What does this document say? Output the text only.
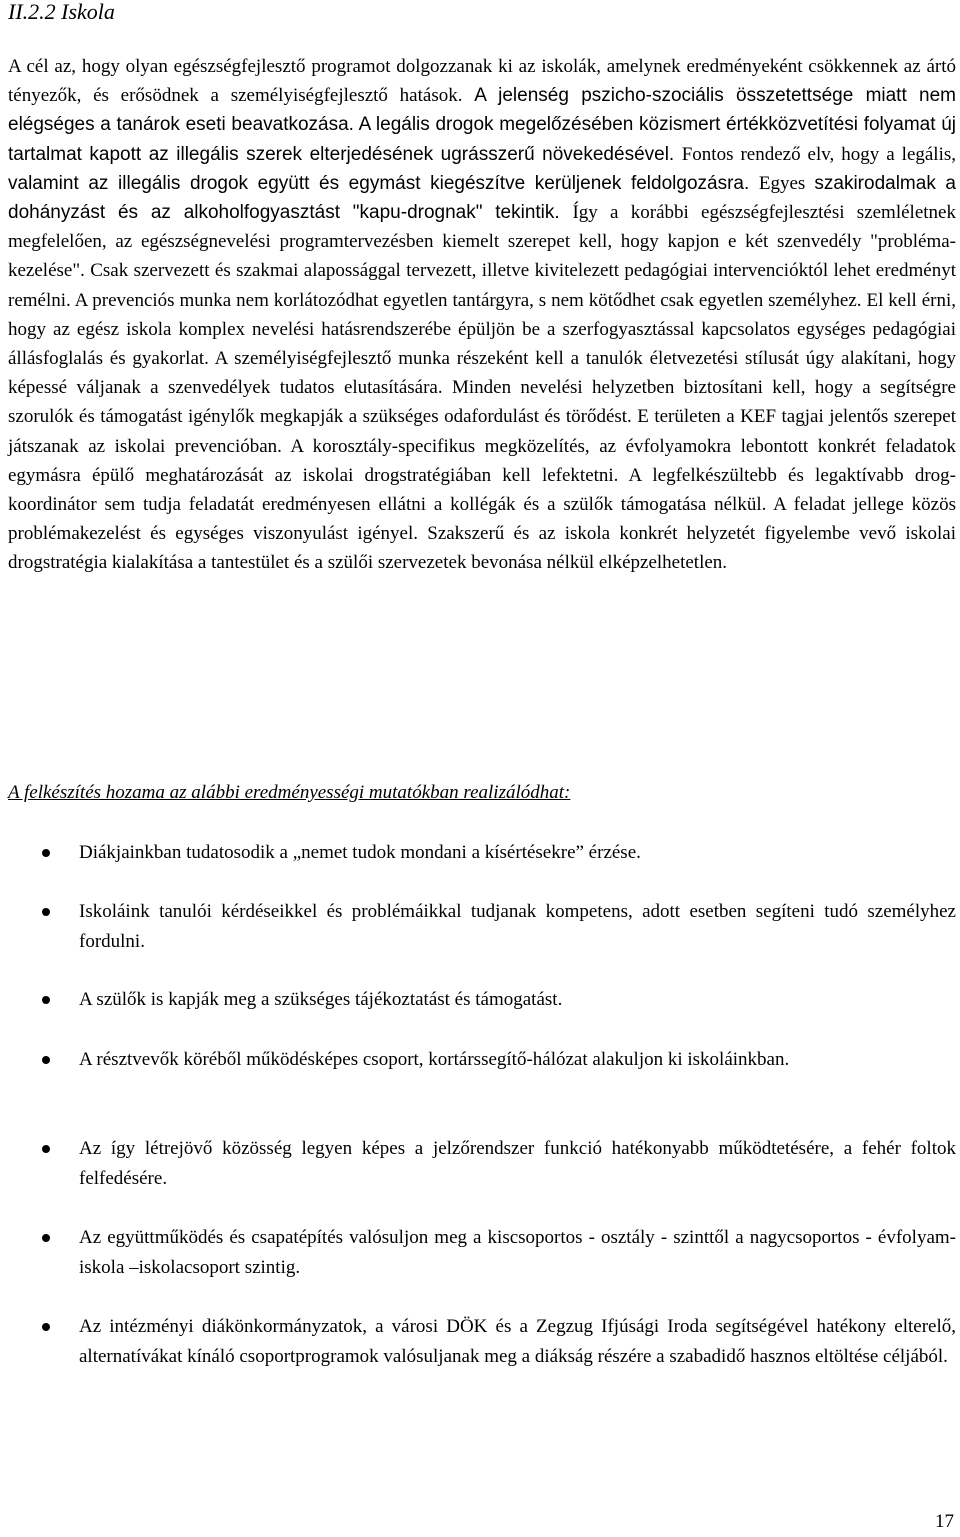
II.2.2 Iskola
A cél az, hogy olyan egészségfejlesztő programot dolgozzanak ki az iskolák, amelynek eredményeként csökkennek az ártó tényezők, és erősödnek a személyiségfejlesztő hatások. A jelenség pszicho-szociális összetettsége miatt nem elégséges a tanárok eseti beavatkozása. A legális drogok megelőzésében közismert értékközvetítési folyamat új tartalmat kapott az illegális szerek elterjedésének ugrásszerű növekedésével. Fontos rendező elv, hogy a legális, valamint az illegális drogok együtt és egymást kiegészítve kerüljenek feldolgozásra. Egyes szakirodalmak a dohányzást és az alkoholfogyasztást "kapu-drognak" tekintik. Így a korábbi egészségfejlesztési szemléletnek megfelelően, az egészségnevelési programtervezésben kiemelt szerepet kell, hogy kapjon e két szenvedély "probléma-kezelése". Csak szervezett és szakmai alapossággal tervezett, illetve kivitelezett pedagógiai intervencióktól lehet eredményt remélni. A prevenciós munka nem korlátozódhat egyetlen tantárgyra, s nem kötődhet csak egyetlen személyhez. El kell érni, hogy az egész iskola komplex nevelési hatásrendszerébe épüljön be a szerfogyasztással kapcsolatos egységes pedagógiai állásfoglalás és gyakorlat. A személyiségfejlesztő munka részeként kell a tanulók életvezetési stílusát úgy alakítani, hogy képessé váljanak a szenvedélyek tudatos elutasítására. Minden nevelési helyzetben biztosítani kell, hogy a segítségre szorulók és támogatást igénylők megkapják a szükséges odafordulást és törődést. E területen a KEF tagjai jelentős szerepet játszanak az iskolai prevencióban. A korosztály-specifikus megközelítés, az évfolyamokra lebontott konkrét feladatok egymásra épülő meghatározását az iskolai drogstratégiában kell lefektetni. A legfelkészültebb és legaktívabb drog-koordinátor sem tudja feladatát eredményesen ellátni a kollégák és a szülők támogatása nélkül. A feladat jellege közös problémakezelést és egységes viszonyulást igényel. Szakszerű és az iskola konkrét helyzetét figyelembe vevő iskolai drogstratégia kialakítása a tantestület és a szülői szervezetek bevonása nélkül elképzelhetetlen.
A felkészítés hozama az alábbi eredményességi mutatókban realizálódhat:
Diákjainkban tudatosodik a „nemet tudok mondani a kísértésekre” érzése.
Iskoláink tanulói kérdéseikkel és problémáikkal tudjanak kompetens, adott esetben segíteni tudó személyhez fordulni.
A szülők is kapják meg a szükséges tájékoztatást és támogatást.
A résztvevők köréből működésképes csoport, kortárssegítő-hálózat alakuljon ki iskoláinkban.
Az így létrejövő közösség legyen képes a jelzőrendszer funkció hatékonyabb működtetésére, a fehér foltok felfedésére.
Az együttműködés és csapatépítés valósuljon meg a kiscsoportos - osztály - szinttől a nagycsoportos - évfolyam- iskola –iskolacsoport szintig.
Az intézményi diákönkormányzatok, a városi DÖK és a Zegzug Ifjúsági Iroda segítségével hatékony elterelő, alternatívákat kínáló csoportprogramok valósuljanak meg a diákság részére a szabadidő hasznos eltöltése céljából.
17
